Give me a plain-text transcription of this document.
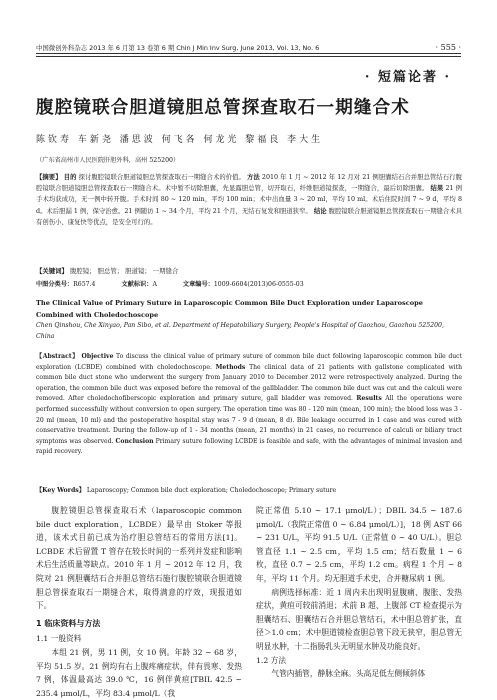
中国微创外科杂志 2013 年 6 月第 13 卷第 6 期 Chin J Min Inv Surg, June 2013, Vol. 13, No. 6	· 555 ·
· 短篇论著 ·
腹腔镜联合胆道镜胆总管探查取石一期缝合术
陈钦寿 车新尧 潘思波 何飞各 何龙光 黎福良 李大生
（广东省高州市人民医院肝胆外科，高州 525200）
【摘要】 目的 探讨腹腔镜联合胆道镜胆总管探查取石一期缝合术的价值。 方法 2010 年 1 月 ~ 2012 年 12 月对 21 例胆囊结石合并胆总管结石行腹腔镜联合胆道镜胆总管探查取石一期缝合术。术中暂不切除胆囊，先显露胆总管，切开取石，纤维胆道镜探查，一期缝合，最后切除胆囊。 结果 21 例手术均获成功，无一例中转开腹。手术时间 80 ~ 120 min，平均 100 min；术中出血量 3 ~ 20 ml，平均 10 ml。术后住院时间 7 ~ 9 d，平均 8 d。术后胆漏 1 例，保守治愈。21 例随访 1 ~ 34 个月，平均 21 个月，无结石复发和胆道狭窄。 结论 腹腔镜联合胆道镜胆总管探查取石一期缝合术具有创伤小、康复快等优点，是安全可行的。
【关键词】 腹腔镜； 胆总管； 胆道镜； 一期缝合
中图分类号：R657.4	文献标识：A	文章编号：1009-6604(2013)06-0555-03
The Clinical Value of Primary Suture in Laparoscopic Common Bile Duct Exploration under Laparoscope Combined with Choledochoscope
Chen Qinshou, Che Xinyao, Pan Sibo, et al. Department of Hepatobiliary Surgery, People's Hospital of Gaozhou, Gaozhou 525200, China
【Abstract】 Objective To discuss the clinical value of primary suture of common bile duct following laparoscopic common bile duct exploration (LCBDE) combined with choledochoscope. Methods The clinical data of 21 patients with gallstone complicated with common bile duct stone who underwent the surgery from January 2010 to December 2012 were retrospectively analyzed. During the operation, the common bile duct was exposed before the removal of the gallbladder. The common bile duct was cut and the calculi were removed. After choledochofiberscopic exploration and primary suture, gall bladder was removed. Results All the operations were performed successfully without conversion to open surgery. The operation time was 80 - 120 min (mean, 100 min); the blood loss was 3 - 20 ml (mean, 10 ml) and the postoperative hospital stay was 7 - 9 d (mean, 8 d). Bile leakage occurred in 1 case and was cured with conservative treatment. During the follow-up of 1 - 34 months (mean, 21 months) in 21 cases, no recurrence of calculi or biliary tract symptoms was observed. Conclusion Primary suture following LCBDE is feasible and safe, with the advantages of minimal invasion and rapid recovery.
【Key Words】 Laparoscopy; Common bile duct exploration; Choledochoscope; Primary suture

腹腔镜胆总管探查取石术（laparoscopic common bile duct exploration，LCBDE）最早由 Stoker 等报道，该术式目前已成为治疗胆总管结石的常用方法[1]。LCBDE 术后留置 T 管存在较长时间的一系列并发症和影响术后生活质量等缺点。2010 年 1 月 ~ 2012 年 12 月，我院对 21 例胆囊结石合并胆总管结石施行腹腔镜联合胆道镜胆总管探查取石一期缝合术，取得满意的疗效，现报道如下。

1 临床资料与方法

1.1 一般资料

本组 21 例，男 11 例，女 10 例。年龄 32 ~ 68 岁，平均 51.5 岁。21 例均有右上腹疼痛症状，伴有畏寒、发热 7 例，体温最高达 39.0 ℃，16 例伴黄疸[TBIL 42.5 ~ 235.4 μmol/L，平均 83.4 μmol/L（我

院正常值 5.10 ~ 17.1 μmol/L）；DBIL 34.5 ~ 187.6 μmol/L（我院正常值 0 ~ 6.84 μmol/L）]，18 例 AST 66 ~ 231 U/L，平均 91.5 U/L（正常值 0 ~ 40 U/L）。胆总管直径 1.1 ~ 2.5 cm，平均 1.5 cm；结石数量 1 ~ 6 枚，直径 0.7 ~ 2.5 cm，平均 1.2 cm。病程 1 个月 ~ 8 年，平均 11 个月。均无胆道手术史，合并糖尿病 1 例。

病例选择标准：近 1 周内未出现明显腹痛、腹胀、发热症状，黄疸可较前消退；术前 B 超、上腹部 CT 检查提示为胆囊结石、胆囊结石合并胆总管结石，术中胆总管扩张，直径＞1.0 cm；术中胆道镜检查胆总管下段无狭窄，胆总管无明显水肿，十二指肠乳头无明显水肿及功能良好。

1.2 方法

气管内插管，静脉全麻。头高足低左侧倾斜体
